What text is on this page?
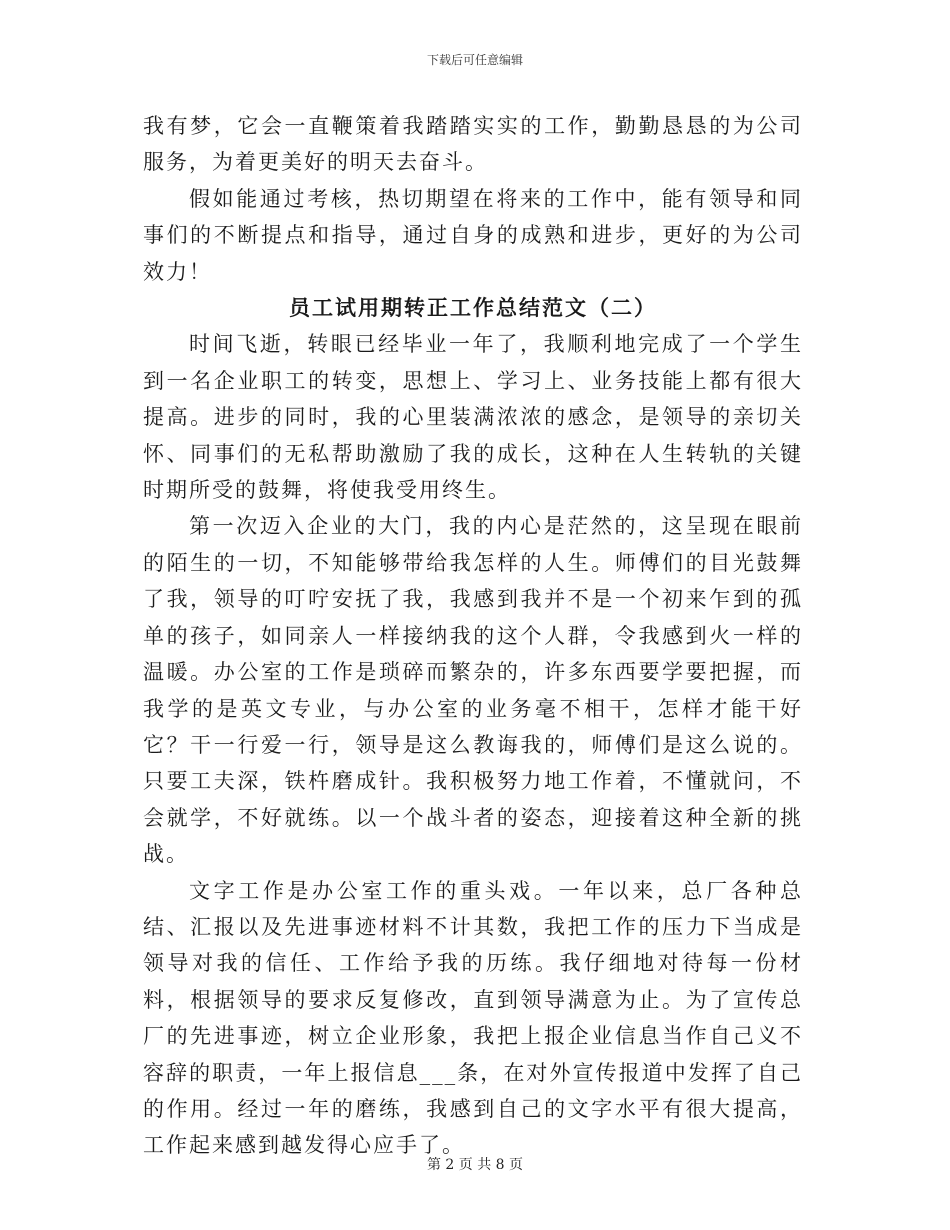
下载后可任意编辑

我有梦，它会一直鞭策着我踏踏实实的工作，勤勤恳恳的为公司服务，为着更美好的明天去奋斗。

假如能通过考核，热切期望在将来的工作中，能有领导和同事们的不断提点和指导，通过自身的成熟和进步，更好的为公司效力！

员工试用期转正工作总结范文（二）

时间飞逝，转眼已经毕业一年了，我顺利地完成了一个学生到一名企业职工的转变，思想上、学习上、业务技能上都有很大提高。进步的同时，我的心里装满浓浓的感念，是领导的亲切关怀、同事们的无私帮助激励了我的成长，这种在人生转轨的关键时期所受的鼓舞，将使我受用终生。

第一次迈入企业的大门，我的内心是茫然的，这呈现在眼前的陌生的一切，不知能够带给我怎样的人生。师傅们的目光鼓舞了我，领导的叮咛安抚了我，我感到我并不是一个初来乍到的孤单的孩子，如同亲人一样接纳我的这个人群，令我感到火一样的温暖。办公室的工作是琐碎而繁杂的，许多东西要学要把握，而我学的是英文专业，与办公室的业务毫不相干，怎样才能干好它？干一行爱一行，领导是这么教诲我的，师傅们是这么说的。只要工夫深，铁杵磨成针。我积极努力地工作着，不懂就问，不会就学，不好就练。以一个战斗者的姿态，迎接着这种全新的挑战。

文字工作是办公室工作的重头戏。一年以来，总厂各种总结、汇报以及先进事迹材料不计其数，我把工作的压力下当成是领导对我的信任、工作给予我的历练。我仔细地对待每一份材料，根据领导的要求反复修改，直到领导满意为止。为了宣传总厂的先进事迹，树立企业形象，我把上报企业信息当作自己义不容辞的职责，一年上报信息___条，在对外宣传报道中发挥了自己的作用。经过一年的磨练，我感到自己的文字水平有很大提高，工作起来感到越发得心应手了。

第 2 页 共 8 页
